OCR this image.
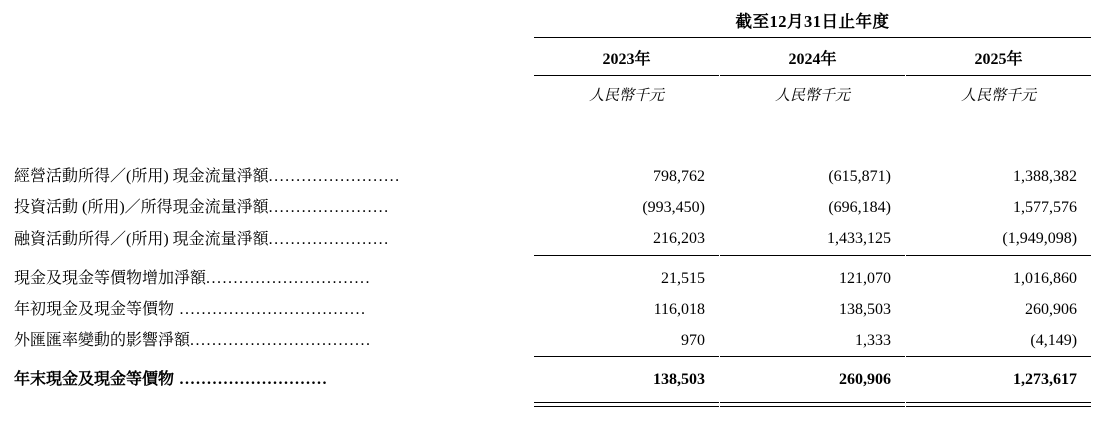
	截至12月31日止年度		

	2023年		2024年		2025年

	人民幣千元		人民幣千元		人民幣千元

經營活動所得／(所用) 現金流量淨額........................	798,762		(615,871)		1,388,382
投資活動 (所用)／所得現金流量淨額......................	(993,450)		(696,184)		1,577,576
融資活動所得／(所用) 現金流量淨額......................	216,203		1,433,125		(1,949,098)

現金及現金等價物增加淨額..............................	21,515		121,070		1,016,860
年初現金及現金等價物 ..................................	116,018		138,503		260,906
外匯匯率變動的影響淨額.................................	970		1,333		(4,149)

年末現金及現金等價物 ...........................	138,503		260,906		1,273,617
